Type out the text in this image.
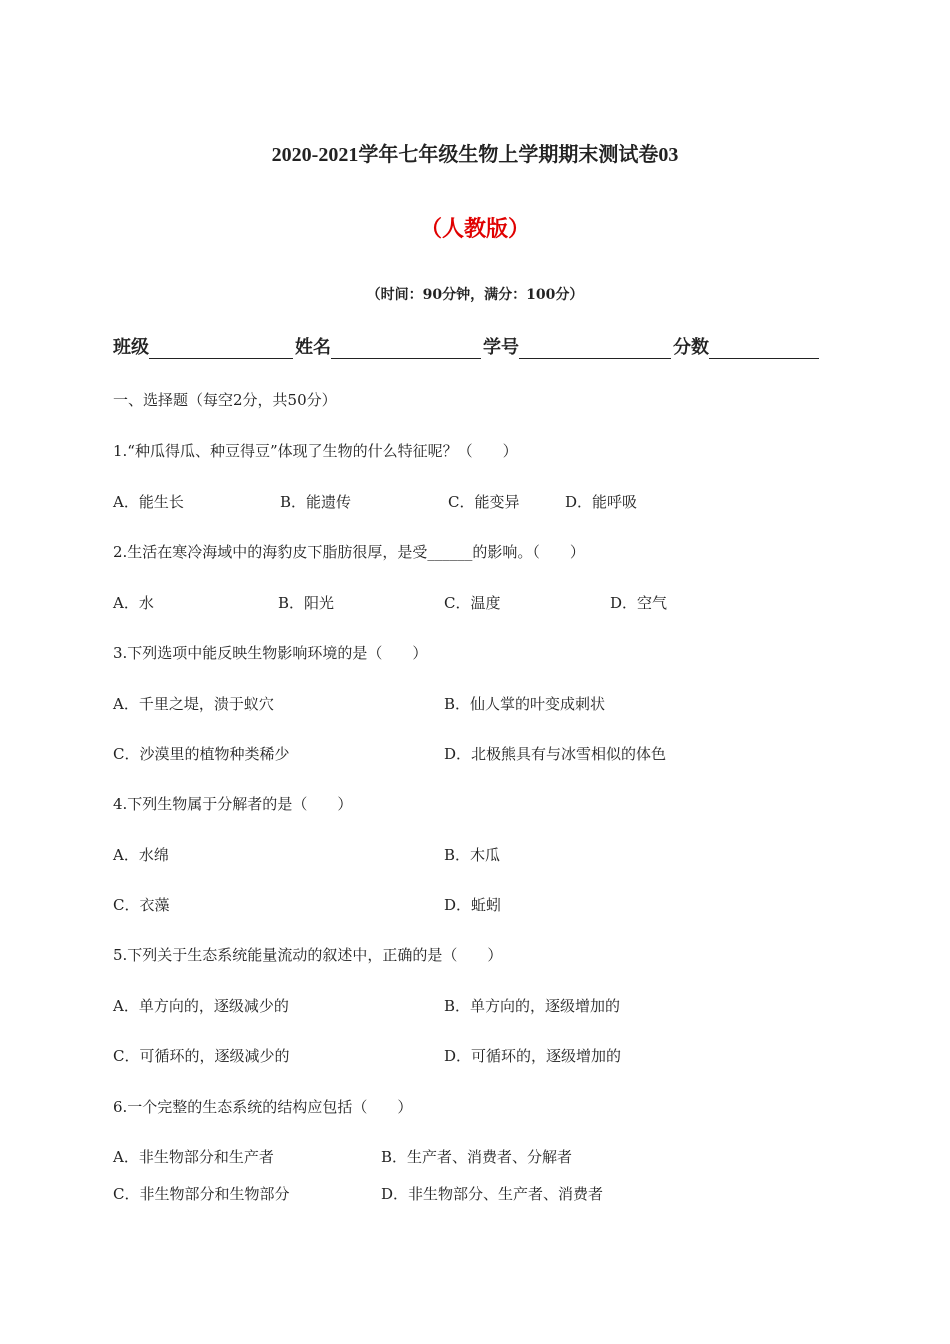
2020-2021学年七年级生物上学期期末测试卷03
（人教版）
（时间：90分钟，满分：100分）
班级	姓名	学号	分数
一、选择题（每空2分，共50分）
1.“种瓜得瓜、种豆得豆”体现了生物的什么特征呢？（　　）
A．能生长	B．能遗传	C．能变异	D．能呼吸
2.生活在寒冷海域中的海豹皮下脂肪很厚，是受______的影响。（　　）
A．水	B．阳光	C．温度	D．空气
3.下列选项中能反映生物影响环境的是（　　）
A．千里之堤，溃于蚁穴	B．仙人掌的叶变成刺状
C．沙漠里的植物种类稀少	D．北极熊具有与冰雪相似的体色
4.下列生物属于分解者的是（　　）
A．水绵	B．木瓜
C．衣藻	D．蚯蚓
5.下列关于生态系统能量流动的叙述中，正确的是（　　）
A．单方向的，逐级减少的	B．单方向的，逐级增加的
C．可循环的，逐级减少的	D．可循环的，逐级增加的
6.一个完整的生态系统的结构应包括（　　）
A．非生物部分和生产者	B．生产者、消费者、分解者
C．非生物部分和生物部分	D．非生物部分、生产者、消费者
